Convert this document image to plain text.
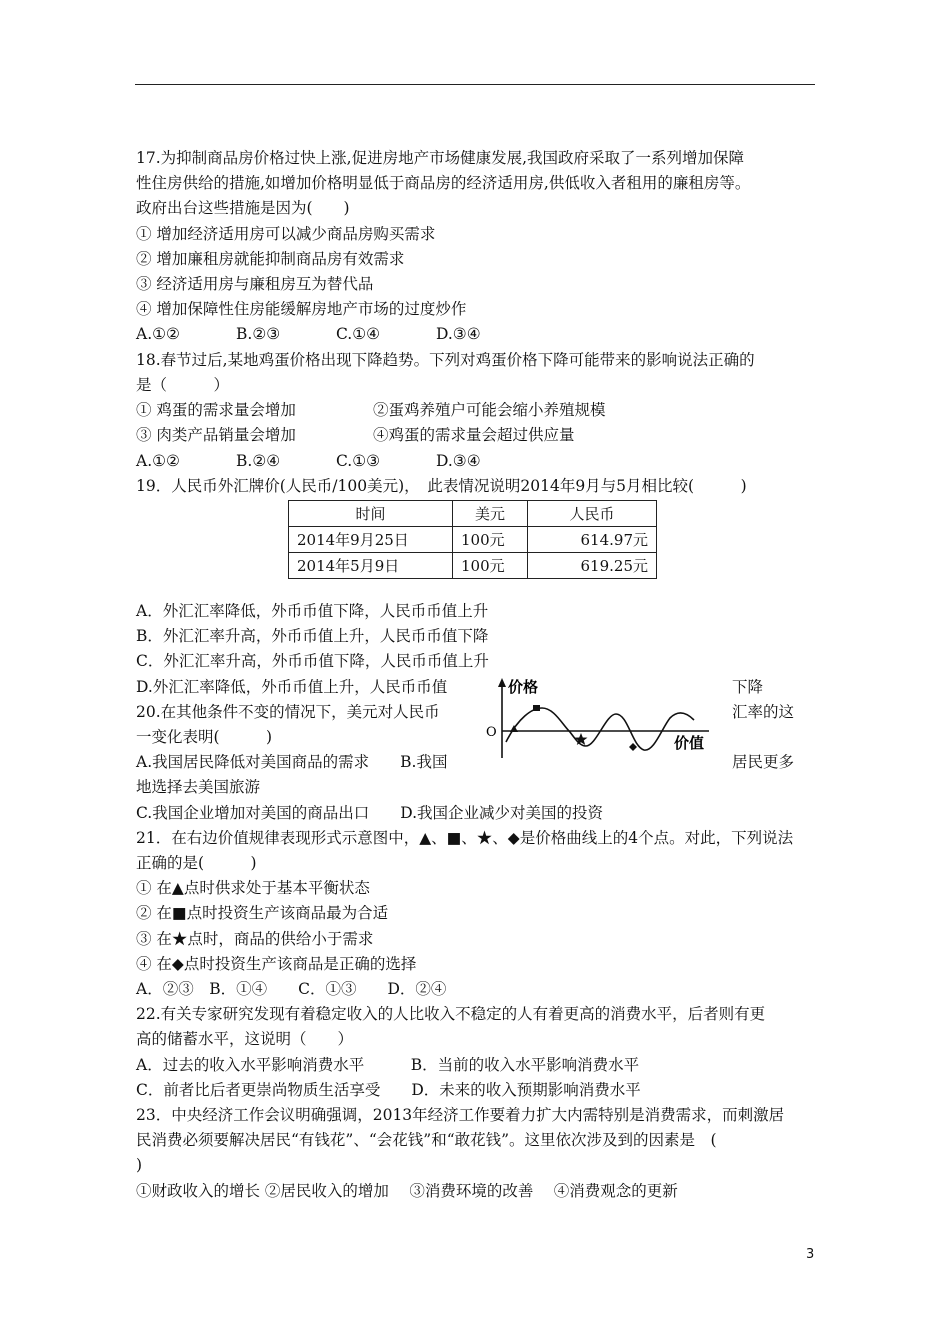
17.为抑制商品房价格过快上涨,促进房地产市场健康发展,我国政府采取了一系列增加保障
性住房供给的措施,如增加价格明显低于商品房的经济适用房,供低收入者租用的廉租房等。
政府出台这些措施是因为(　　)
① 增加经济适用房可以减少商品房购买需求
② 增加廉租房就能抑制商品房有效需求
③ 经济适用房与廉租房互为替代品
④ 增加保障性住房能缓解房地产市场的过度炒作
A.①②	B.②③	C.①④	D.③④
18.春节过后,某地鸡蛋价格出现下降趋势。下列对鸡蛋价格下降可能带来的影响说法正确的
是（　　　）
① 鸡蛋的需求量会增加	②蛋鸡养殖户可能会缩小养殖规模
③ 肉类产品销量会增加	④鸡蛋的需求量会超过供应量
A.①②	B.②④	C.①③	D.③④
19．人民币外汇牌价(人民币/100美元)，　此表情况说明2014年9月与5月相比较(　　　)
时间	美元	人民币
2014年9月25日	100元	614.97元
2014年5月9日	100元	619.25元
A．外汇汇率降低，外币币值下降，人民币币值上升
B．外汇汇率升高，外币币值上升，人民币币值下降
C．外汇汇率升高，外币币值下降，人民币币值上升
D.外汇汇率降低，外币币值上升，人民币币值	下降
20.在其他条件不变的情况下，美元对人民币	汇率的这
一变化表明(　　　)
A.我国居民降低对美国商品的需求　　B.我国	居民更多
地选择去美国旅游
C.我国企业增加对美国的商品出口　　D.我国企业减少对美国的投资
价格
O
价值
21．在右边价值规律表现形式示意图中，▲、■、★、◆是价格曲线上的4个点。对此，下列说法
正确的是(　　　)
① 在▲点时供求处于基本平衡状态
② 在■点时投资生产该商品最为合适
③ 在★点时，商品的供给小于需求
④ 在◆点时投资生产该商品是正确的选择
A．②③　B．①④　　C．①③　　D．②④
22.有关专家研究发现有着稳定收入的人比收入不稳定的人有着更高的消费水平，后者则有更
高的储蓄水平，这说明（　　）
A．过去的收入水平影响消费水平　　　B．当前的收入水平影响消费水平
C．前者比后者更崇尚物质生活享受　　D．未来的收入预期影响消费水平
23．中央经济工作会议明确强调，2013年经济工作要着力扩大内需特别是消费需求，而刺激居
民消费必须要解决居民“有钱花”、“会花钱”和“敢花钱”。这里依次涉及到的因素是　(
)
①财政收入的增长 ②居民收入的增加　 ③消费环境的改善　 ④消费观念的更新
3
